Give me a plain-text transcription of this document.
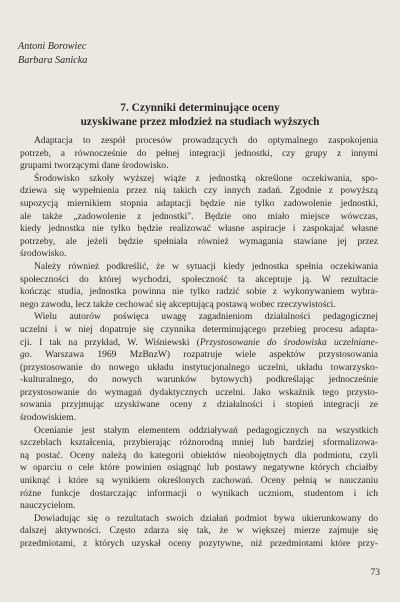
Antoni Borowiec
Barbara Sanicka
7. Czynniki determinujące oceny
uzyskiwane przez młodzież na studiach wyższych
Adaptacja to zespół procesów prowadzących do optymalnego zaspokojenia
potrzeb, a równocześnie do pełnej integracji jednostki, czy grupy z innymi
grupami tworzącymi dane środowisko.
Środowisko szkoły wyższej wiąże z jednostką określone oczekiwania, spo-
dziewa się wypełnienia przez nią takich czy innych zadań. Zgodnie z powyższą
supozycją miernikiem stopnia adaptacji będzie nie tylko zadowolenie jednostki,
ale także „zadowolenie z jednostki". Będzie ono miało miejsce wówczas,
kiedy jednostka nie tylko będzie realizować własne aspiracje i zaspokajać własne
potrzeby, ale jeżeli będzie spełniała również wymagania stawiane jej przez
środowisko.
Należy również podkreślić, że w sytuacji kiedy jednostka spełnia oczekiwania
społeczności do której wychodzi, społeczność ta akceptuje ją. W rezultacie
kończąc studia, jednostka powinna nie tylko radzić sobie z wykonywaniem wybra-
nego zawodu, lecz także cechować się akceptującą postawą wobec rzeczywistości.
Wielu autorów poświęca uwagę zagadnieniom działalności pedagogicznej
uczelni i w niej dopatruje się czynnika determinującego przebieg procesu adapta-
cji. I tak na przykład, W. Wiśniewski (Przystosowanie do środowiska uczelniane-
go. Warszawa 1969 MzBnzW) rozpatruje wiele aspektów przystosowania
(przystosowanie do nowego układu instytucjonalnego uczelni, układu towarzysko-
-kulturalnego, do nowych warunków bytowych) podkreślając jednocześnie
przystosowanie do wymagań dydaktycznych uczelni. Jako wskaźnik tego przysto-
sowania przyjmując uzyskiwane oceny z działalności i stopień integracji ze
środowiskiem.
Ocenianie jest stałym elementem oddziaływań pedagogicznych na wszystkich
szczeblach kształcenia, przybierając różnorodną mniej lub bardziej sformalizowa-
ną postać. Oceny należą do kategorii obiektów nieobojętnych dla podmiotu, czyli
w oparciu o cele które powinien osiągnąć lub postawy negatywne których chciałby
uniknąć i które są wynikiem określonych zachowań. Oceny pełnią w nauczaniu
różne funkcje dostarczając informacji o wynikach uczniom, studentom i ich
nauczycielom.
Dowiadując się o rezultatach swoich działań podmiot bywa ukierunkowany do
dalszej aktywności. Często zdarza się tak, że w większej mierze zajmuje się
przedmiotami, z których uzyskał oceny pozytywne, niż przedmiotami które przy-
73
